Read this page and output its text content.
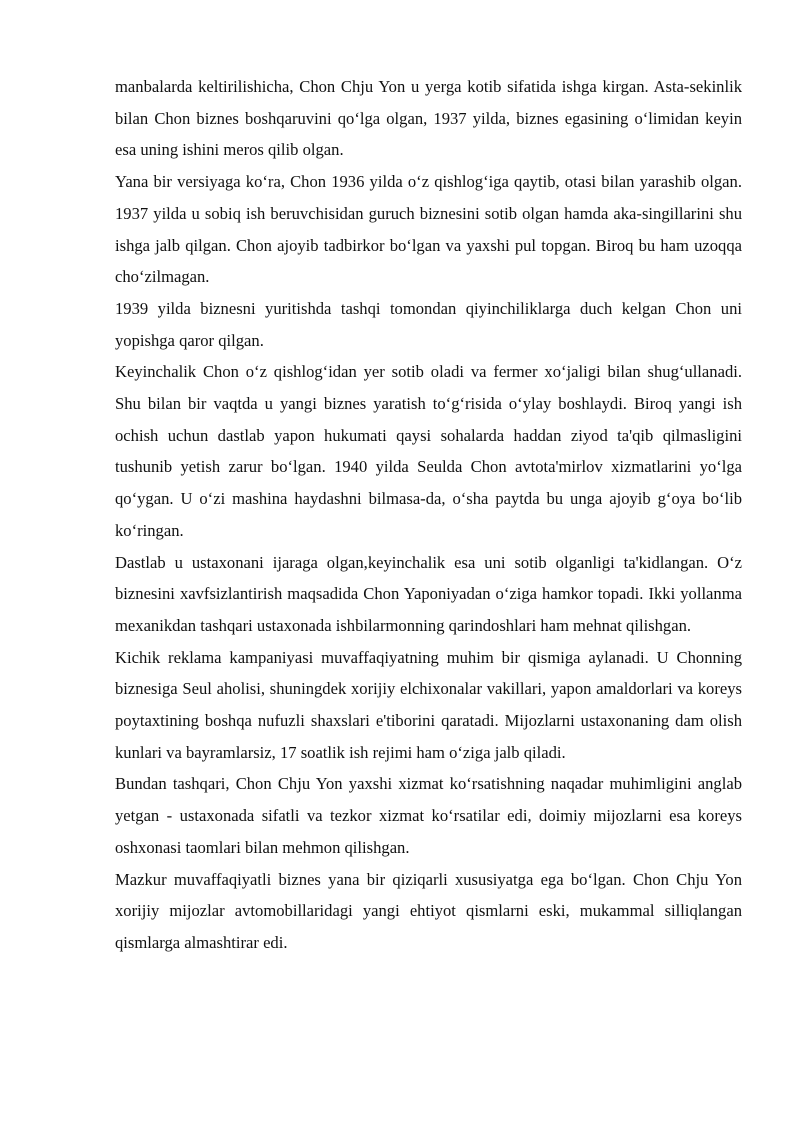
manbalarda keltirilishicha, Chon Chju Yon u yerga kotib sifatida ishga kirgan. Asta-sekinlik bilan Chon biznes boshqaruvini qo‘lga olgan, 1937 yilda, biznes egasining o‘limidan keyin esa uning ishini meros qilib olgan.

Yana bir versiyaga ko‘ra, Chon 1936 yilda o‘z qishlog‘iga qaytib, otasi bilan yarashib olgan. 1937 yilda u sobiq ish beruvchisidan guruch biznesini sotib olgan hamda aka-singillarini shu ishga jalb qilgan. Chon ajoyib tadbirkor bo‘lgan va yaxshi pul topgan. Biroq bu ham uzoqqa cho‘zilmagan.

1939 yilda biznesni yuritishda tashqi tomondan qiyinchiliklarga duch kelgan Chon uni yopishga qaror qilgan.

Keyinchalik Chon o‘z qishlog‘idan yer sotib oladi va fermer xo‘jaligi bilan shug‘ullanadi. Shu bilan bir vaqtda u yangi biznes yaratish to‘g‘risida o‘ylay boshlaydi. Biroq yangi ish ochish uchun dastlab yapon hukumati qaysi sohalarda haddan ziyod ta'qib qilmasligini tushunib yetish zarur bo‘lgan. 1940 yilda Seulda Chon avtota'mirlov xizmatlarini yo‘lga qo‘ygan. U o‘zi mashina haydashni bilmasa-da, o‘sha paytda bu unga ajoyib g‘oya bo‘lib ko‘ringan.

Dastlab u ustaxonani ijaraga olgan,keyinchalik esa uni sotib olganligi ta'kidlangan. O‘z biznesini xavfsizlantirish maqsadida Chon Yaponiyadan o‘ziga hamkor topadi. Ikki yollanma mexanikdan tashqari ustaxonada ishbilarmonning qarindoshlari ham mehnat qilishgan.

Kichik reklama kampaniyasi muvaffaqiyatning muhim bir qismiga aylanadi. U Chonning biznesiga Seul aholisi, shuningdek xorijiy elchixonalar vakillari, yapon amaldorlari va koreys poytaxtining boshqa nufuzli shaxslari e'tiborini qaratadi. Mijozlarni ustaxonaning dam olish kunlari va bayramlarsiz, 17 soatlik ish rejimi ham o‘ziga jalb qiladi.

Bundan tashqari, Chon Chju Yon yaxshi xizmat ko‘rsatishning naqadar muhimligini anglab yetgan - ustaxonada sifatli va tezkor xizmat ko‘rsatilar edi, doimiy mijozlarni esa koreys oshxonasi taomlari bilan mehmon qilishgan.

Mazkur muvaffaqiyatli biznes yana bir qiziqarli xususiyatga ega bo‘lgan. Chon Chju Yon xorijiy mijozlar avtomobillaridagi yangi ehtiyot qismlarni eski, mukammal silliqlangan qismlarga almashtirar edi.
